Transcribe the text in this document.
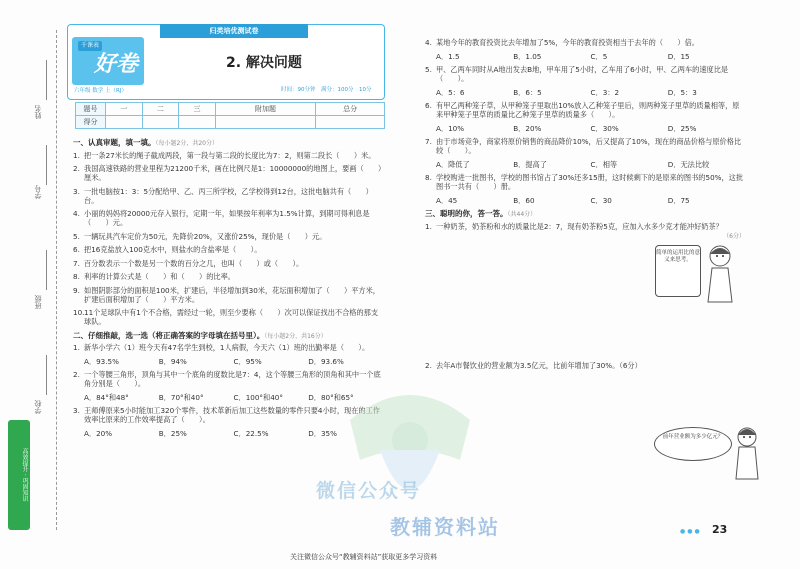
姓名
学号
班级
学校
高效提升 · 巩固知识
归类培优测试卷
千课表
好卷
六年级 数学 上（RJ）
2. 解决问题
时间：90分钟　满分：100分　10分
题号	一	二	三	附加题	总分
得分					
一、认真审题，填一填。（每小题2分，共20分）
1. 把一条27米长的绳子截成两段，第一段与第二段的长度比为7：2，则第二段长（　　）米。
2. 我国高速铁路的营业里程为21200千米，画在比例尺是1：10000000的地图上，要画（　　）厘米。
3. 一批电脑按1：3：5分配给甲、乙、丙三所学校，乙学校得到12台，这批电脑共有（　　）台。
4. 小丽的妈妈将20000元存入银行，定期一年，如果按年利率为1.5%计算，到期可得利息是（　　）元。
5. 一辆玩具汽车定价为50元，先降价20%，又涨价25%，现价是（　　）元。
6. 把16克盐放入100克水中，则盐水的含盐率是（　　）。
7. 百分数表示一个数是另一个数的百分之几，也叫（　　）或（　　）。
8. 利率的计算公式是（　　）和（　　）的比率。
9. 如图阴影部分的面积是100米，扩建后，半径增加到30米，花坛面积增加了（　　）平方米，扩建后面积增加了（　　）平方米。
10.11个足球队中有1个不合格，需经过一轮，则至少要称（　　）次可以保证找出不合格的那支球队。
二、仔细推敲，选一选（将正确答案的字母填在括号里）。（每小题2分，共16分）
1. 新华小学六（1）班今天有47名学生到校，1人病假，今天六（1）班的出勤率是（　　）。
A．93.5%	B．94%	C．95%	D．93.6%
2. 一个等腰三角形，顶角与其中一个底角的度数比是7：4，这个等腰三角形的顶角和其中一个底角分别是（　　）。
A．84°和48°	B．70°和40°	C．100°和40°	D．80°和65°
3. 王师傅原来5小时能加工320个零件，技术革新后加工这些数量的零件只要4小时，现在的工作效率比原来的工作效率提高了（　　）。
A．20%	B．25%	C．22.5%	D．35%
4. 某地今年的教育投资比去年增加了5%，今年的教育投资相当于去年的（　　）倍。
A．1.5	B．1.05	C．5	D．15
5. 甲、乙两车同时从A地出发去B地，甲车用了5小时，乙车用了6小时，甲、乙两车的速度比是（　　）。
A．5：6	B．6：5	C．3：2	D．5：3
6. 有甲乙两种笼子草，从甲种笼子里取出10%放入乙种笼子里后，则两种笼子里草的质量相等，原来甲种笼子里草的质量比乙种笼子里草的质量多（　　）。
A．10%	B．20%	C．30%	D．25%
7. 由于市场竞争，商家将原价销售的商品降价10%，后又提高了10%，现在的商品价格与原价格比较（　　）。
A．降低了	B．提高了	C．相等	D．无法比较
8. 学校购进一批图书，学校的图书馆占了30%还多15册，这时候剩下的是原来的图书的50%，这批图书一共有（　　）册。
A．45	B．60	C．30	D．75
三、聪明的你，答一答。（共44分）
1. 一种奶茶，奶茶粉和水的质量比是2：7，现有奶茶粉5克，应加入水多少克才能冲好奶茶？
（6分）
2. 去年A市餐饮业的营业额为3.5亿元，比前年增加了30%。（6分）
简单的运用比的意义来思考。
前年营业额为多少亿元？
微信公众号
教辅资料站	●●● 23
关注微信公众号“教辅资料站”获取更多学习资料
